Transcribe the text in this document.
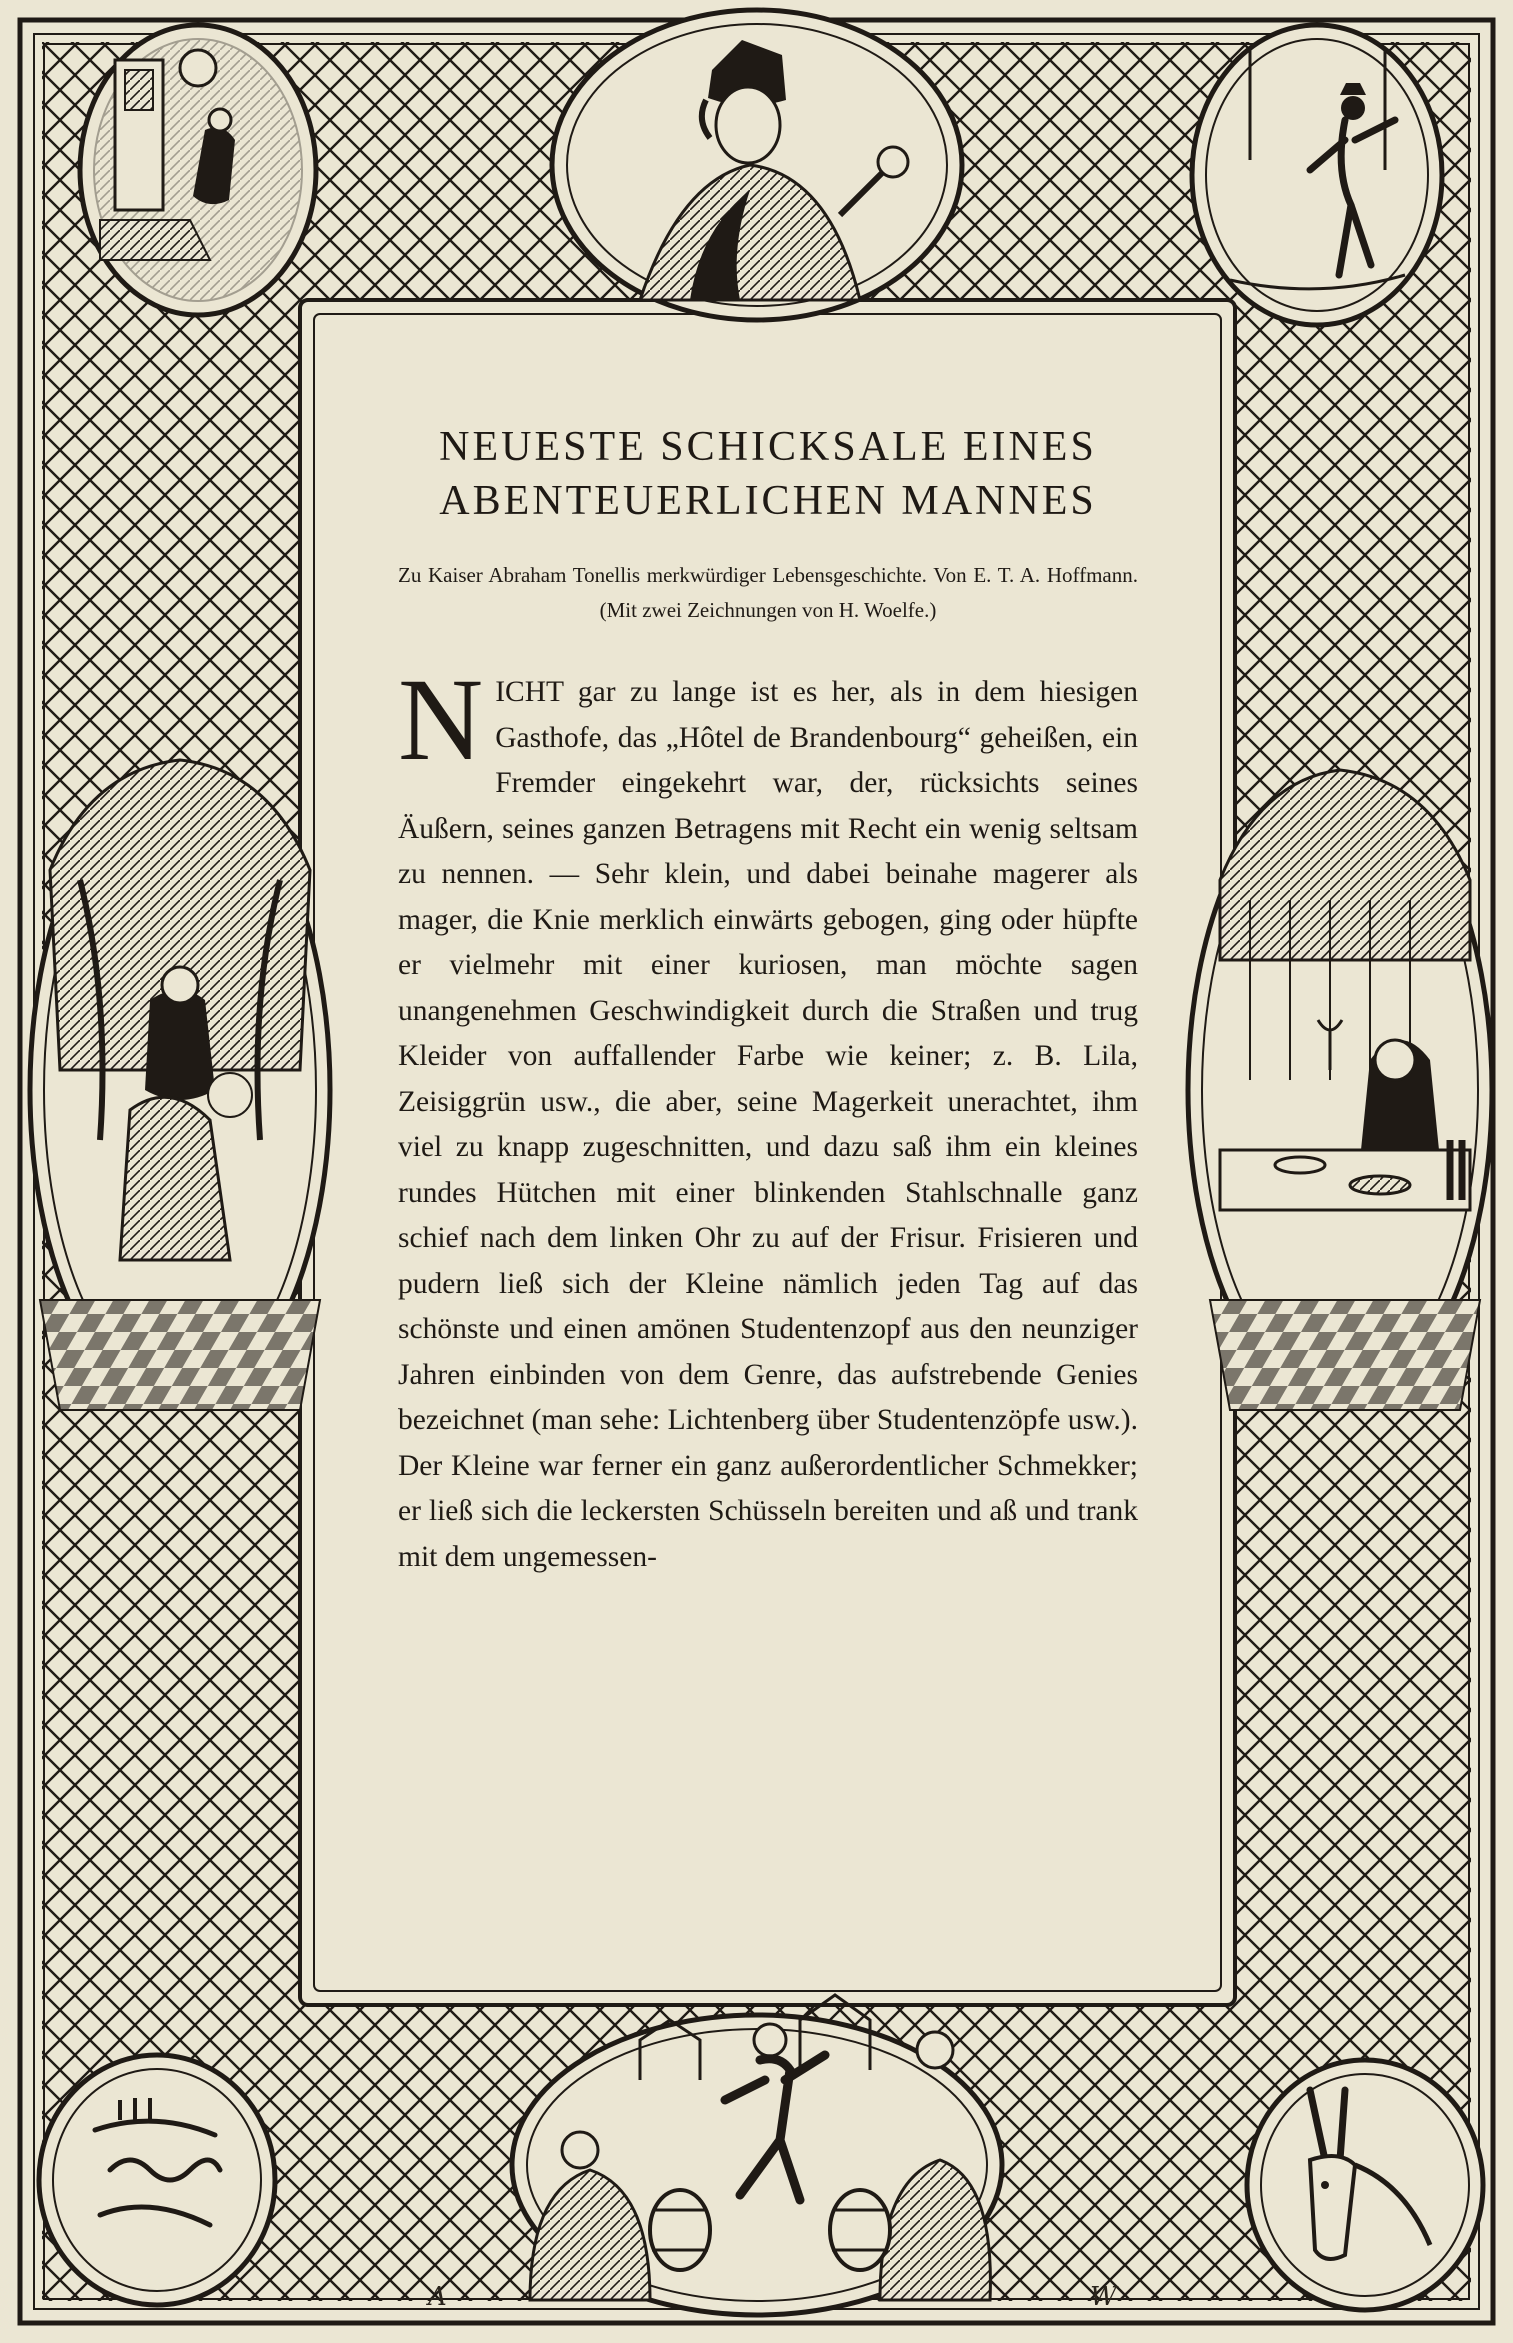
NEUESTE SCHICKSALE EINES
ABENTEUERLICHEN MANNES
Zu Kaiser Abraham Tonellis merkwürdiger Lebensgeschichte. Von E. T. A. Hoffmann. (Mit zwei Zeichnungen von H. Woelfe.)
NICHT gar zu lange ist es her, als in dem hiesigen Gasthofe, das „Hôtel de Brandenbourg“ geheißen, ein Fremder eingekehrt war, der, rücksichts seines Äußern, seines ganzen Betragens mit Recht ein wenig seltsam zu nennen. — Sehr klein, und dabei beinahe magerer als mager, die Knie merklich einwärts gebogen, ging oder hüpfte er vielmehr mit einer kuriosen, man möchte sagen unangenehmen Geschwindigkeit durch die Straßen und trug Kleider von auffallender Farbe wie keiner; z. B. Lila, Zeisiggrün usw., die aber, seine Magerkeit unerachtet, ihm viel zu knapp zugeschnitten, und dazu saß ihm ein kleines rundes Hütchen mit einer blinkenden Stahlschnalle ganz schief nach dem linken Ohr zu auf der Frisur. Frisieren und pudern ließ sich der Kleine nämlich jeden Tag auf das schönste und einen amönen Studentenzopf aus den neunziger Jahren einbinden von dem Genre, das aufstrebende Genies bezeichnet (man sehe: Lichtenberg über Studentenzöpfe usw.). Der Kleine war ferner ein ganz außerordentlicher Schmekker; er ließ sich die leckersten Schüsseln bereiten und aß und trank mit dem ungemessen-
A	W
